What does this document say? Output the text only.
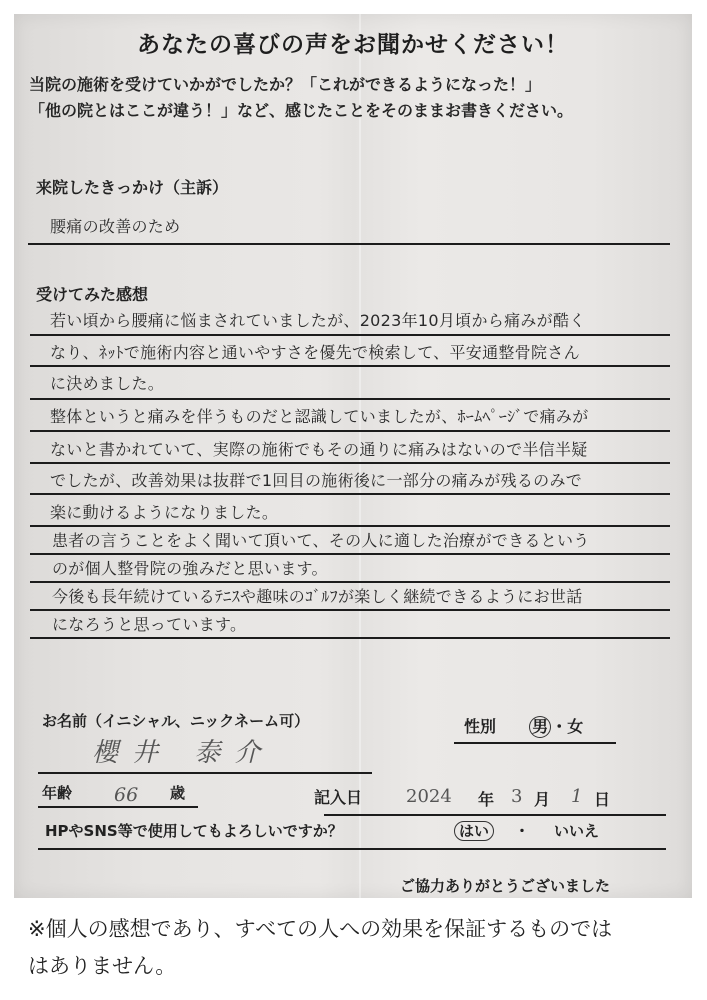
あなたの喜びの声をお聞かせください！
当院の施術を受けていかがでしたか？「これができるようになった！」
「他の院とはここが違う！」など、感じたことをそのままお書きください。
来院したきっかけ（主訴）
腰痛の改善のため
受けてみた感想
若い頃から腰痛に悩まされていましたが、2023年10月頃から痛みが酷く
なり、ﾈｯﾄで施術内容と通いやすさを優先で検索して、平安通整骨院さん
に決めました。
整体というと痛みを伴うものだと認識していましたが、ﾎｰﾑﾍﾟｰｼﾞで痛みが
ないと書かれていて、実際の施術でもその通りに痛みはないので半信半疑
でしたが、改善効果は抜群で1回目の施術後に一部分の痛みが残るのみで
楽に動けるようになりました。
患者の言うことをよく聞いて頂いて、その人に適した治療ができるという
のが個人整骨院の強みだと思います。
今後も長年続けているﾃﾆｽや趣味のｺﾞﾙﾌが楽しく継続できるようにお世話
になろうと思っています。
お名前（イニシャル、ニックネーム可）
櫻井 泰介
性別 男 ・女
年齢 66 歳	記入日 2024 年 3 月 1 日
HPやSNS等で使用してもよろしいですか？	はい ・ いいえ
ご協力ありがとうございました
※個人の感想であり、すべての人への効果を保証するものでは
はありません。
